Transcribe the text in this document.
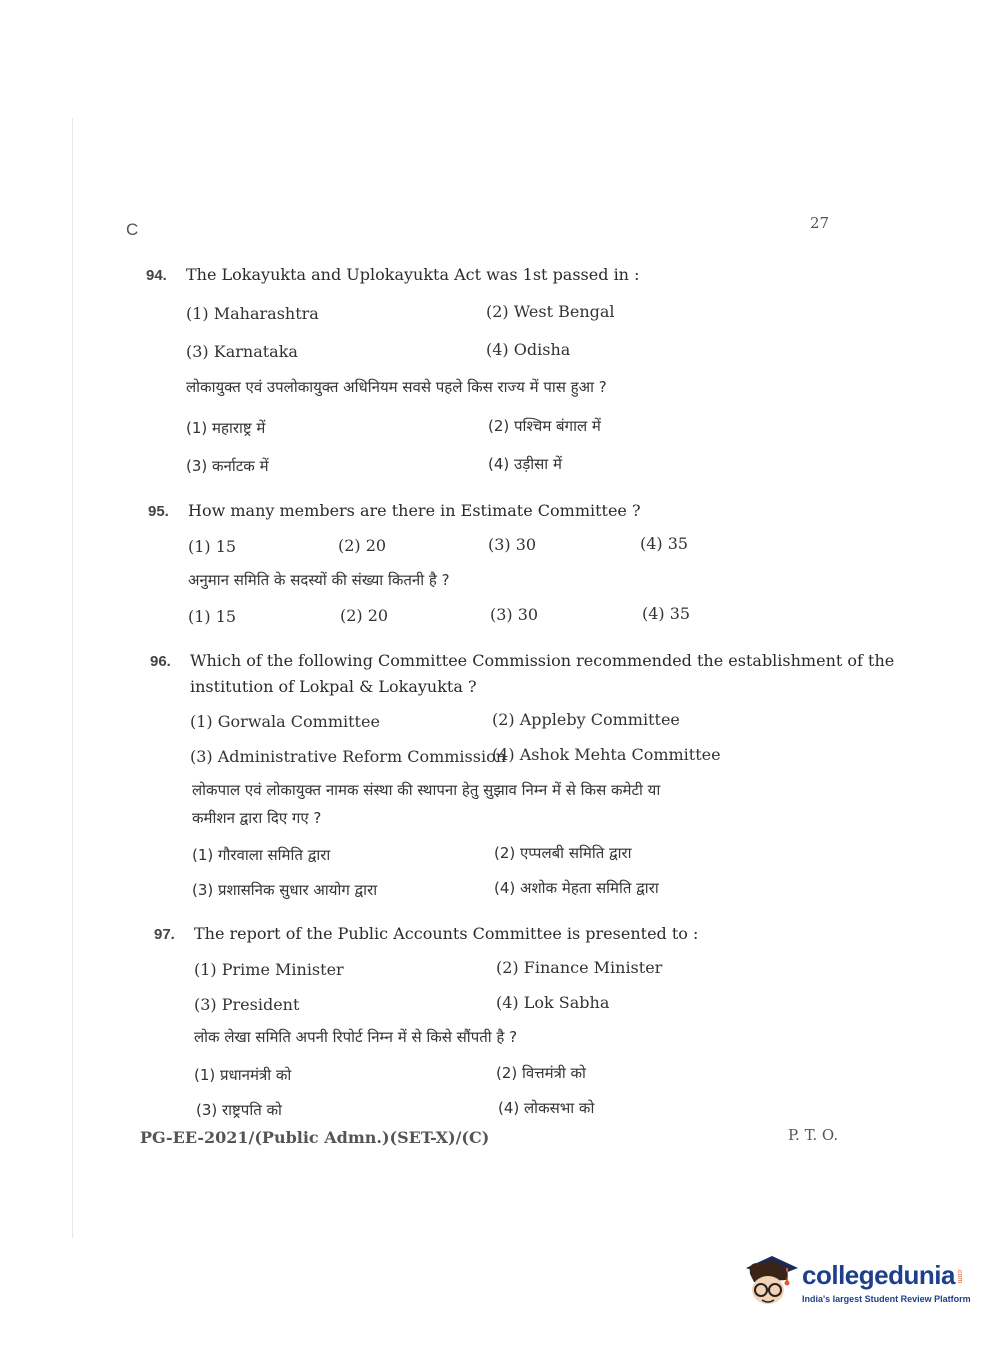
C	27
94. The Lokayukta and Uplokayukta Act was 1st passed in :
(1) Maharashtra	(2) West Bengal
(3) Karnataka	(4) Odisha
लोकायुक्त एवं उपलोकायुक्त अधिनियम सवसे पहले किस राज्य में पास हुआ ?
(1) महाराष्ट्र में	(2) पश्चिम बंगाल में
(3) कर्नाटक में	(4) उड़ीसा में
95. How many members are there in Estimate Committee ?
(1) 15	(2) 20	(3) 30	(4) 35
अनुमान समिति के सदस्यों की संख्या कितनी है ?
(1) 15	(2) 20	(3) 30	(4) 35
96. Which of the following Committee Commission recommended the establishment of the
institution of Lokpal & Lokayukta ?
(1) Gorwala Committee	(2) Appleby Committee
(3) Administrative Reform Commission
(4) Ashok Mehta Committee
लोकपाल एवं लोकायुक्त नामक संस्था की स्थापना हेतु सुझाव निम्न में से किस कमेटी या
कमीशन द्वारा दिए गए ?
(1) गौरवाला समिति द्वारा	(2) एप्पलबी समिति द्वारा
(3) प्रशासनिक सुधार आयोग द्वारा	(4) अशोक मेहता समिति द्वारा
97. The report of the Public Accounts Committee is presented to :
(1) Prime Minister	(2) Finance Minister
(3) President	(4) Lok Sabha
लोक लेखा समिति अपनी रिपोर्ट निम्न में से किसे सौंपती है ?
(1) प्रधानमंत्री को	(2) वित्तमंत्री को
(3) राष्ट्रपति को	(4) लोकसभा को
PG-EE-2021/(Public Admn.)(SET-X)/(C)	P. T. O.
collegedunia .com
India's largest Student Review Platform
